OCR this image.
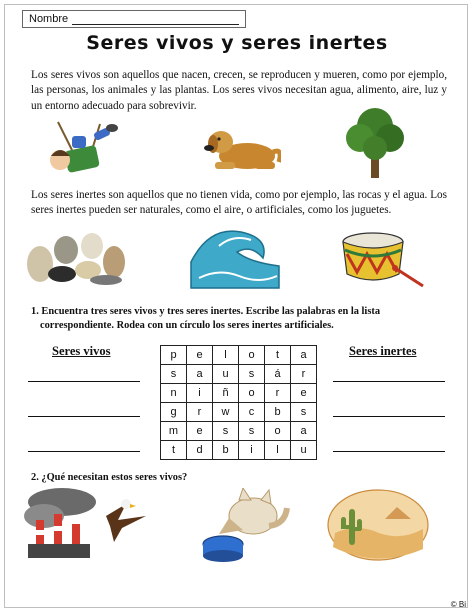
Nombre
Seres vivos y seres inertes
Los seres vivos son aquellos que nacen, crecen, se reproducen y mueren, como por ejemplo, las personas, los animales y las plantas. Los seres vivos necesitan agua, alimento, aire, luz y un entorno adecuado para sobrevivir.
Los seres inertes son aquellos que no tienen vida, como por ejemplo, las rocas y el agua. Los seres inertes pueden ser naturales, como el aire, o artificiales, como los juguetes.
1. Encuentra tres seres vivos y tres seres inertes. Escribe las palabras en la lista
correspondiente. Rodea con un círculo los seres inertes artificiales.
Seres vivos	Seres inertes
p	e	l	o	t	a
s	a	u	s	á	r
n	i	ñ	o	r	e
g	r	w	c	b	s
m	e	s	s	o	a
t	d	b	i	l	u
2. ¿Qué necesitan estos seres vivos?
© Bi
